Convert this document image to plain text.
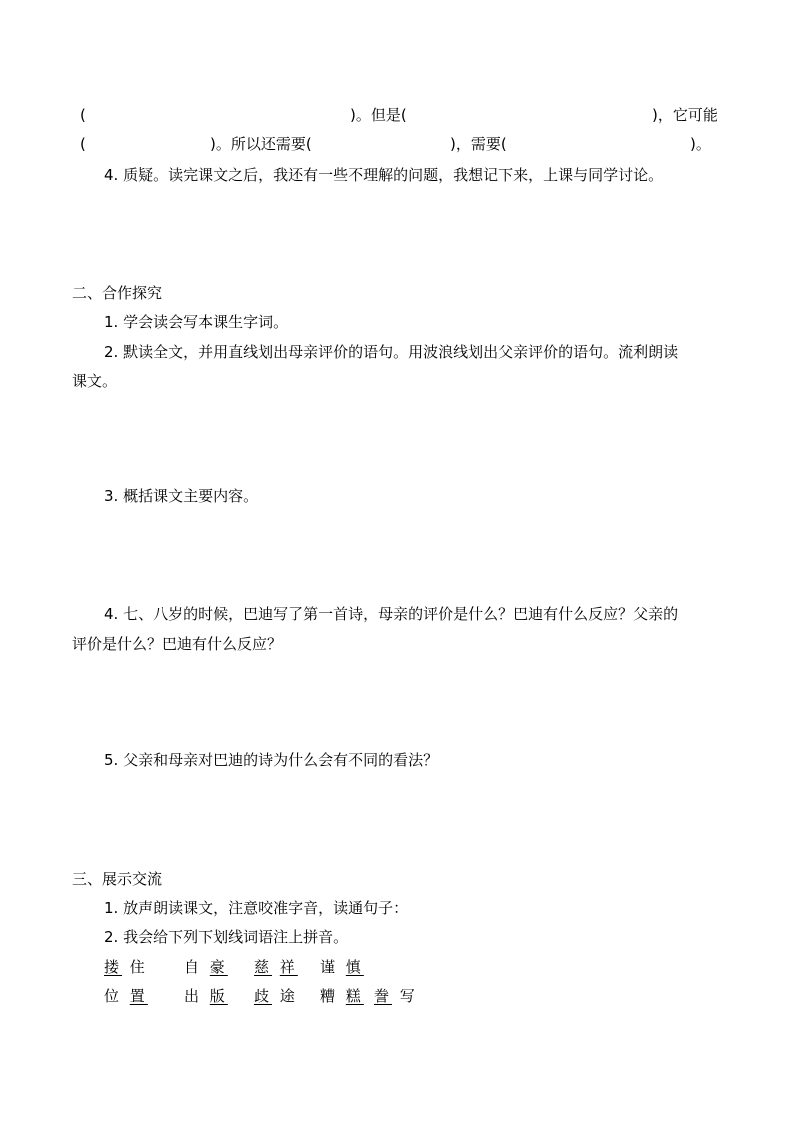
(	)。但是(	)，它可能
(	)。所以还需要(	)，需要(	)。
4. 质疑。读完课文之后，我还有一些不理解的问题，我想记下来，上课与同学讨论。
二、合作探究
1. 学会读会写本课生字词。
2. 默读全文，并用直线划出母亲评价的语句。用波浪线划出父亲评价的语句。流利朗读
课文。
3. 概括课文主要内容。
4. 七、八岁的时候，巴迪写了第一首诗，母亲的评价是什么？巴迪有什么反应？父亲的
评价是什么？巴迪有什么反应？
5. 父亲和母亲对巴迪的诗为什么会有不同的看法？
三、展示交流
1. 放声朗读课文，注意咬准字音，读通句子：
2. 我会给下列下划线词语注上拼音。
搂 住 自 豪 慈 祥 谨 慎
位 置 出 版 歧 途 糟 糕 誊 写
